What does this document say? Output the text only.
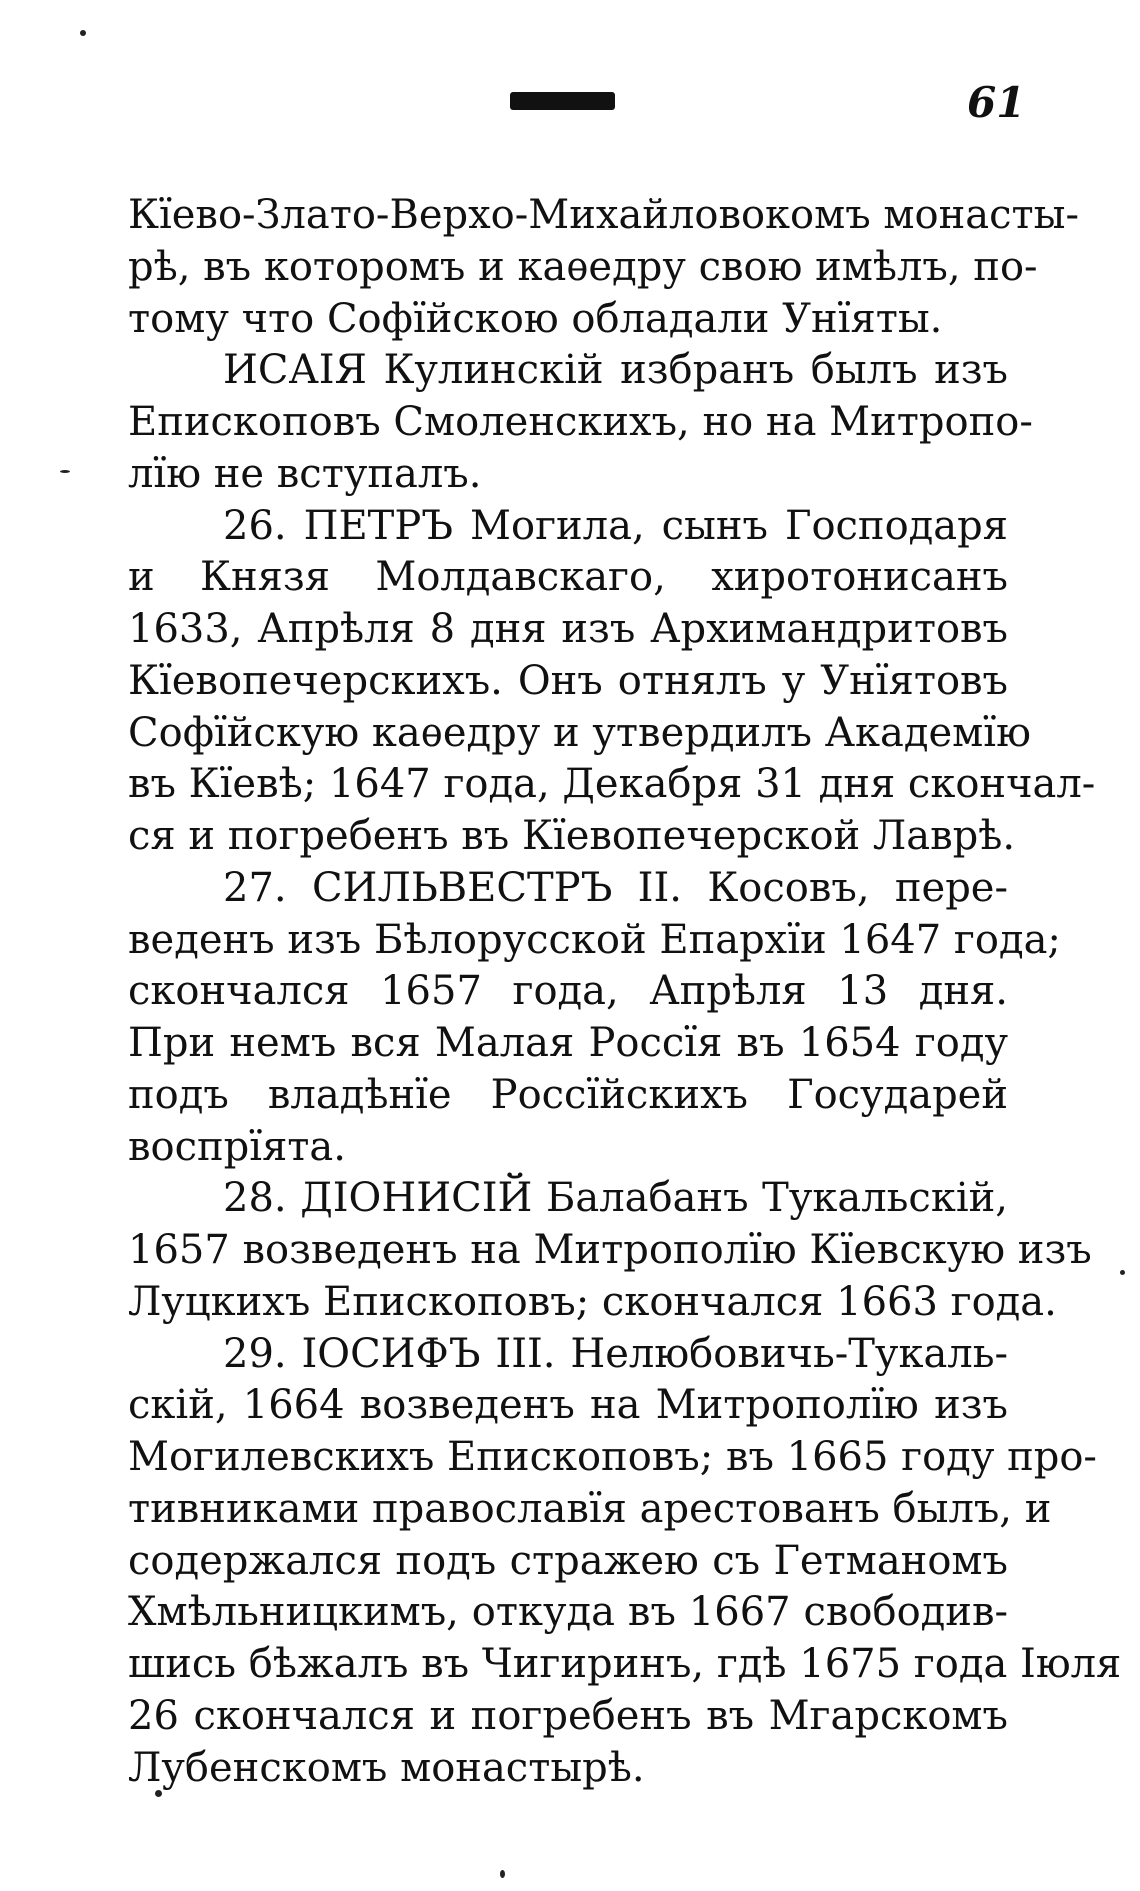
61
Кїево-Злато-Верхо-Михайловокомъ монасты-
рѣ, въ которомъ и каѳедру свою имѣлъ, по-
тому что Софїйскою обладали Унїяты.
ИСАІЯ Кулинскій избранъ былъ изъ
Епископовъ Смоленскихъ, но на Митропо-
лїю не вступалъ.
26. ПЕТРЪ Могила, сынъ Господаря
и Князя Молдавскаго, хиротонисанъ
1633, Апрѣля 8 дня изъ Архимандритовъ
Кїевопечерскихъ. Онъ отнялъ у Унїятовъ
Софїйскую каѳедру и утвердилъ Академїю
въ Кїевѣ; 1647 года, Декабря 31 дня скончал-
ся и погребенъ въ Кїевопечерской Лаврѣ.
27. СИЛЬВЕСТРЪ II. Косовъ, пере-
веденъ изъ Бѣлорусской Епархїи 1647 года;
скончался 1657 года, Апрѣля 13 дня.
При немъ вся Малая Россїя въ 1654 году
подъ владѣнїе Россїйскихъ Государей
воспрїята.
28. ДІОНИСІЙ Балабанъ Тукальскій,
1657 возведенъ на Митрополїю Кїевскую изъ
Луцкихъ Епископовъ; скончался 1663 года.
29. ІОСИФЪ III. Нелюбовичь-Тукаль-
скій, 1664 возведенъ на Митрополїю изъ
Могилевскихъ Епископовъ; въ 1665 году про-
тивниками православїя арестованъ былъ, и
содержался подъ стражею съ Гетманомъ
Хмѣльницкимъ, откуда въ 1667 свободив-
шись бѣжалъ въ Чигиринъ, гдѣ 1675 года Іюля
26 скончался и погребенъ въ Мгарскомъ
Лубенскомъ монастырѣ.
